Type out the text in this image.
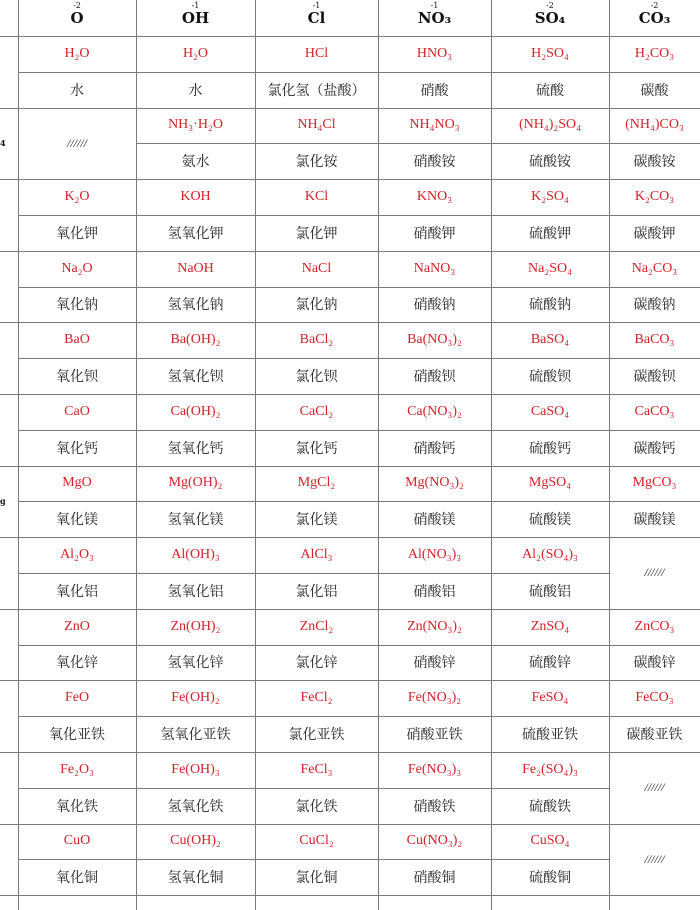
-2
O
-1
OH
-1
Cl
-1
NO₃
-2
SO₄
-2
CO₃
H₂O
水
H₂O
水
HCl
氯化氢（盐酸）
HNO₃
硝酸
H₂SO₄
硫酸
H₂CO₃
碳酸
4	//////
NH₃·H₂O
氨水
NH₄Cl
氯化铵
NH₄NO₃
硝酸铵
(NH₄)₂SO₄
硫酸铵
(NH₄)CO₃
碳酸铵
K₂O
氧化钾
KOH
氢氧化钾
KCl
氯化钾
KNO₃
硝酸钾
K₂SO₄
硫酸钾
K₂CO₃
碳酸钾
Na₂O
氧化钠
NaOH
氢氧化钠
NaCl
氯化钠
NaNO₃
硝酸钠
Na₂SO₄
硫酸钠
Na₂CO₃
碳酸钠
BaO
氧化钡
Ba(OH)₂
氢氧化钡
BaCl₂
氯化钡
Ba(NO₃)₂
硝酸钡
BaSO₄
硫酸钡
BaCO₃
碳酸钡
CaO
氧化钙
Ca(OH)₂
氢氧化钙
CaCl₂
氯化钙
Ca(NO₃)₂
硝酸钙
CaSO₄
硫酸钙
CaCO₃
碳酸钙
g
MgO
氧化镁
Mg(OH)₂
氢氧化镁
MgCl₂
氯化镁
Mg(NO₃)₂
硝酸镁
MgSO₄
硫酸镁
MgCO₃
碳酸镁
Al₂O₃
氧化铝
Al(OH)₃
氢氧化铝
AlCl₃
氯化铝
Al(NO₃)₃
硝酸铝
Al₂(SO₄)₃
硫酸铝
//////
ZnO
氧化锌
Zn(OH)₂
氢氧化锌
ZnCl₂
氯化锌
Zn(NO₃)₂
硝酸锌
ZnSO₄
硫酸锌
ZnCO₃
碳酸锌
FeO
氧化亚铁
Fe(OH)₂
氢氧化亚铁
FeCl₂
氯化亚铁
Fe(NO₃)₂
硝酸亚铁
FeSO₄
硫酸亚铁
FeCO₃
碳酸亚铁
Fe₂O₃
氧化铁
Fe(OH)₃
氢氧化铁
FeCl₃
氯化铁
Fe(NO₃)₃
硝酸铁
Fe₂(SO₄)₃
硫酸铁
//////
CuO
氧化铜
Cu(OH)₂
氢氧化铜
CuCl₂
氯化铜
Cu(NO₃)₂
硝酸铜
CuSO₄
硫酸铜
//////
